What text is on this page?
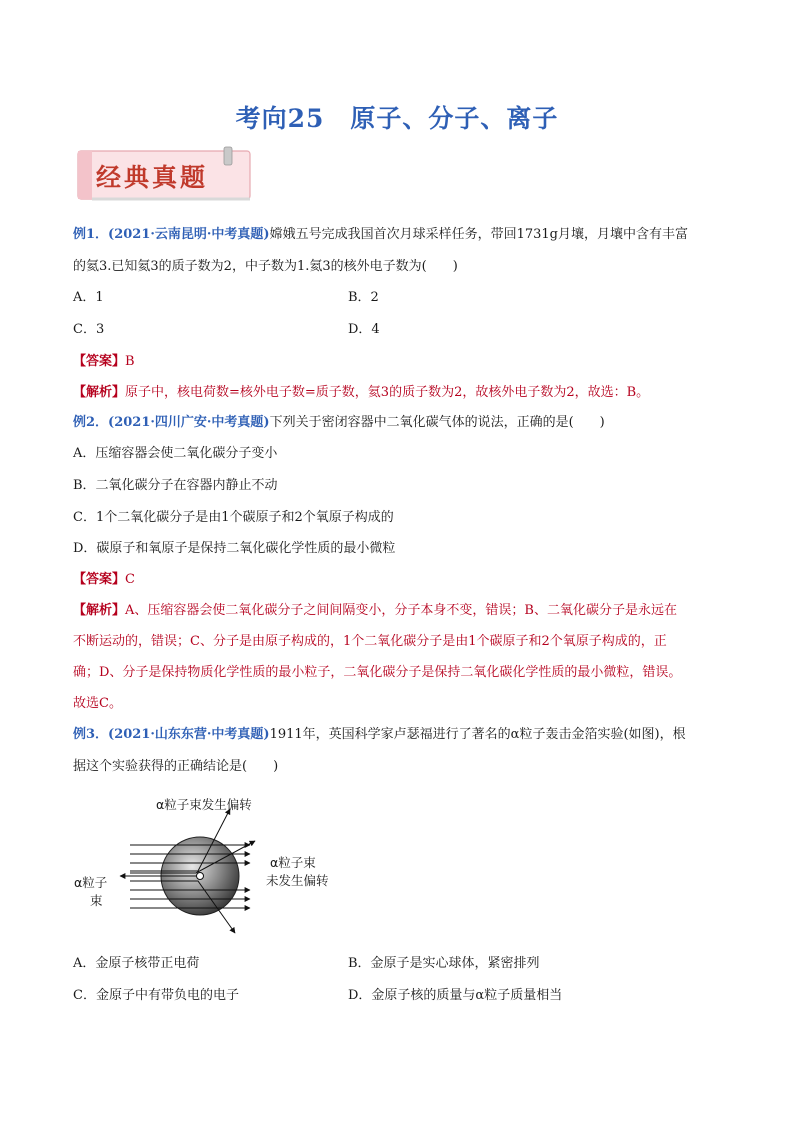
考向25 原子、分子、离子
经典真题
例1．(2021·云南昆明·中考真题)嫦娥五号完成我国首次月球采样任务，带回1731g月壤，月壤中含有丰富
的氦3.已知氦3的质子数为2，中子数为1.氦3的核外电子数为(　　)
A．1	B．2
C．3	D．4
【答案】B
【解析】原子中，核电荷数=核外电子数=质子数，氦3的质子数为2，故核外电子数为2，故选：B。
例2．(2021·四川广安·中考真题)下列关于密闭容器中二氧化碳气体的说法，正确的是(　　)
A．压缩容器会使二氧化碳分子变小
B．二氧化碳分子在容器内静止不动
C．1个二氧化碳分子是由1个碳原子和2个氧原子构成的
D．碳原子和氧原子是保持二氧化碳化学性质的最小微粒
【答案】C
【解析】A、压缩容器会使二氧化碳分子之间间隔变小，分子本身不变，错误；B、二氧化碳分子是永远在
不断运动的，错误；C、分子是由原子构成的，1个二氧化碳分子是由1个碳原子和2个氧原子构成的，正
确；D、分子是保持物质化学性质的最小粒子，二氧化碳分子是保持二氧化碳化学性质的最小微粒，错误。
故选C。
例3．(2021·山东东营·中考真题)1911年，英国科学家卢瑟福进行了著名的α粒子轰击金箔实验(如图)，根
据这个实验获得的正确结论是(　　)
α粒子束发生偏转
α粒子束
未发生偏转
α粒子
束
A．金原子核带正电荷	B．金原子是实心球体，紧密排列
C．金原子中有带负电的电子	D．金原子核的质量与α粒子质量相当
